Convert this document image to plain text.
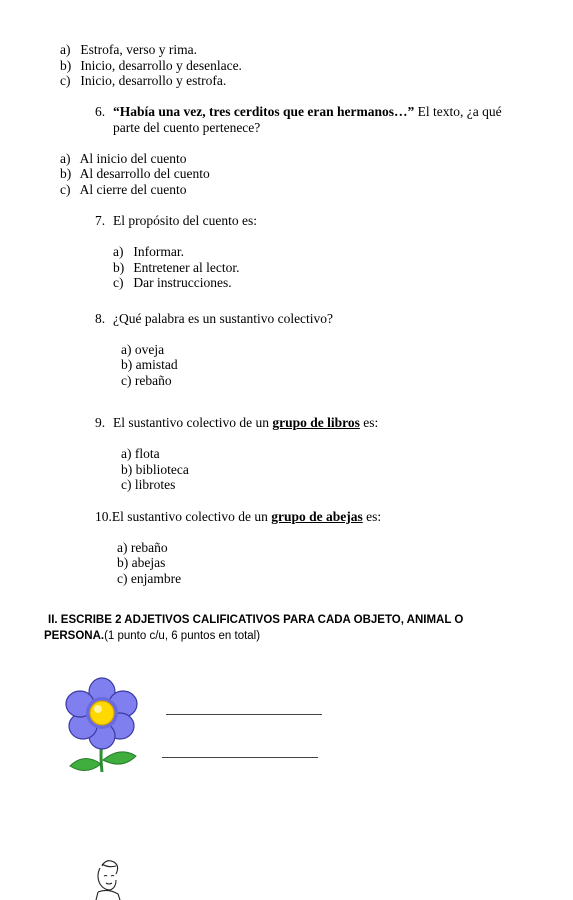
a) Estrofa, verso y rima.
b) Inicio, desarrollo y desenlace.
c) Inicio, desarrollo y estrofa.
6. “Había una vez, tres cerditos que eran hermanos…” El texto, ¿a qué
parte del cuento pertenece?
a) Al inicio del cuento
b) Al desarrollo del cuento
c) Al cierre del cuento
7. El propósito del cuento es:
a) Informar.
b) Entretener al lector.
c) Dar instrucciones.
8. ¿Qué palabra es un sustantivo colectivo?
a) oveja
b) amistad
c) rebaño
9. El sustantivo colectivo de un grupo de libros es:
a) flota
b) biblioteca
c) librotes
10.El sustantivo colectivo de un grupo de abejas es:
a) rebaño
b) abejas
c) enjambre
II. ESCRIBE 2 ADJETIVOS CALIFICATIVOS PARA CADA OBJETO, ANIMAL O
PERSONA.(1 punto c/u, 6 puntos en total)
